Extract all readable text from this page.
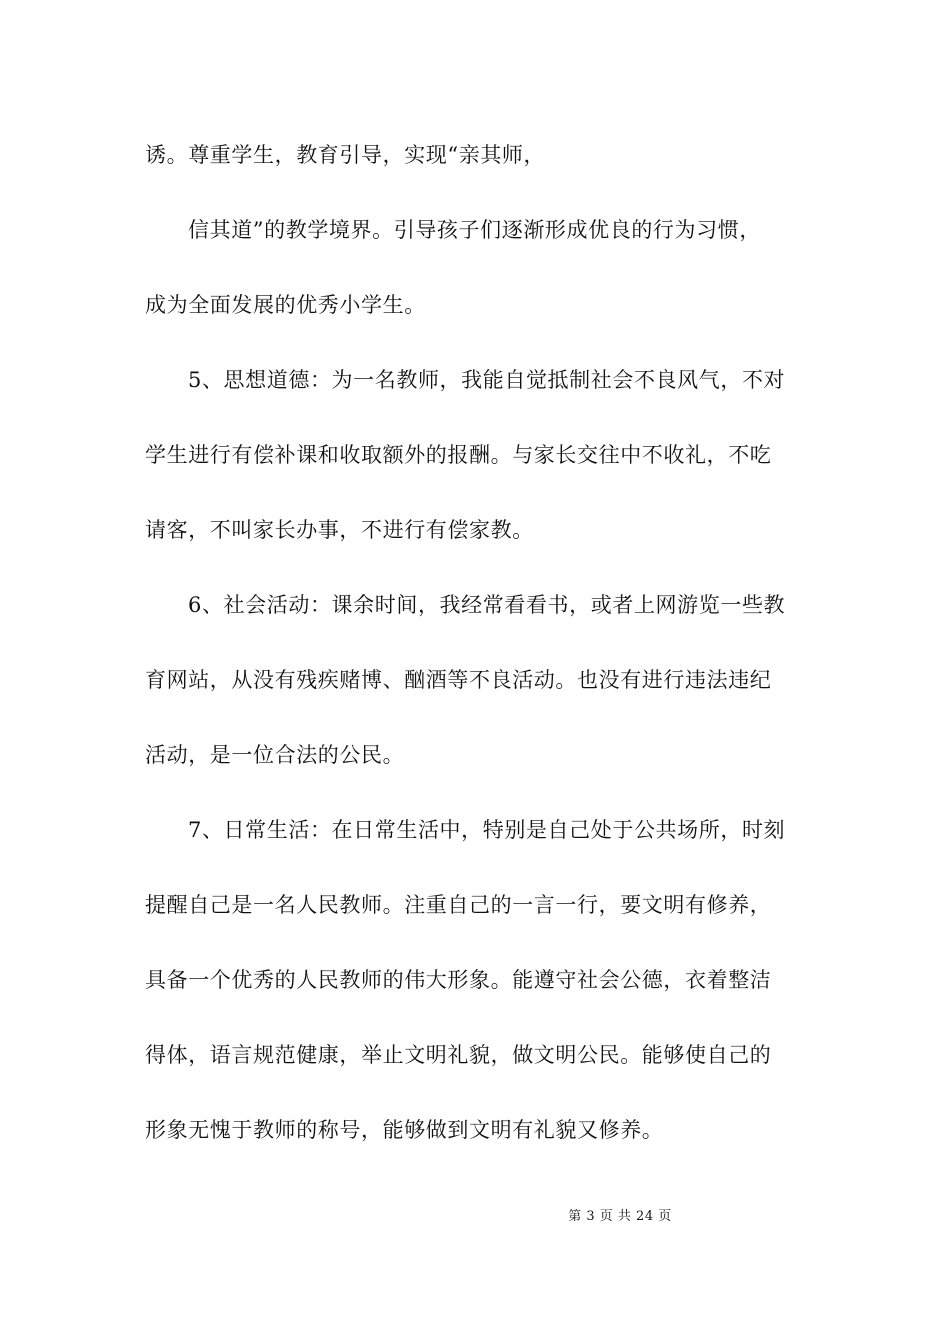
诱。尊重学生，教育引导，实现“亲其师，
信其道”的教学境界。引导孩子们逐渐形成优良的行为习惯，
成为全面发展的优秀小学生。
5、思想道德：为一名教师，我能自觉抵制社会不良风气，不对
学生进行有偿补课和收取额外的报酬。与家长交往中不收礼，不吃
请客，不叫家长办事，不进行有偿家教。
6、社会活动：课余时间，我经常看看书，或者上网游览一些教
育网站，从没有残疾赌博、酗酒等不良活动。也没有进行违法违纪
活动，是一位合法的公民。
7、日常生活：在日常生活中，特别是自己处于公共场所，时刻
提醒自己是一名人民教师。注重自己的一言一行，要文明有修养，
具备一个优秀的人民教师的伟大形象。能遵守社会公德，衣着整洁
得体，语言规范健康，举止文明礼貌，做文明公民。能够使自己的
形象无愧于教师的称号，能够做到文明有礼貌又修养。
第 3 页 共 24 页
